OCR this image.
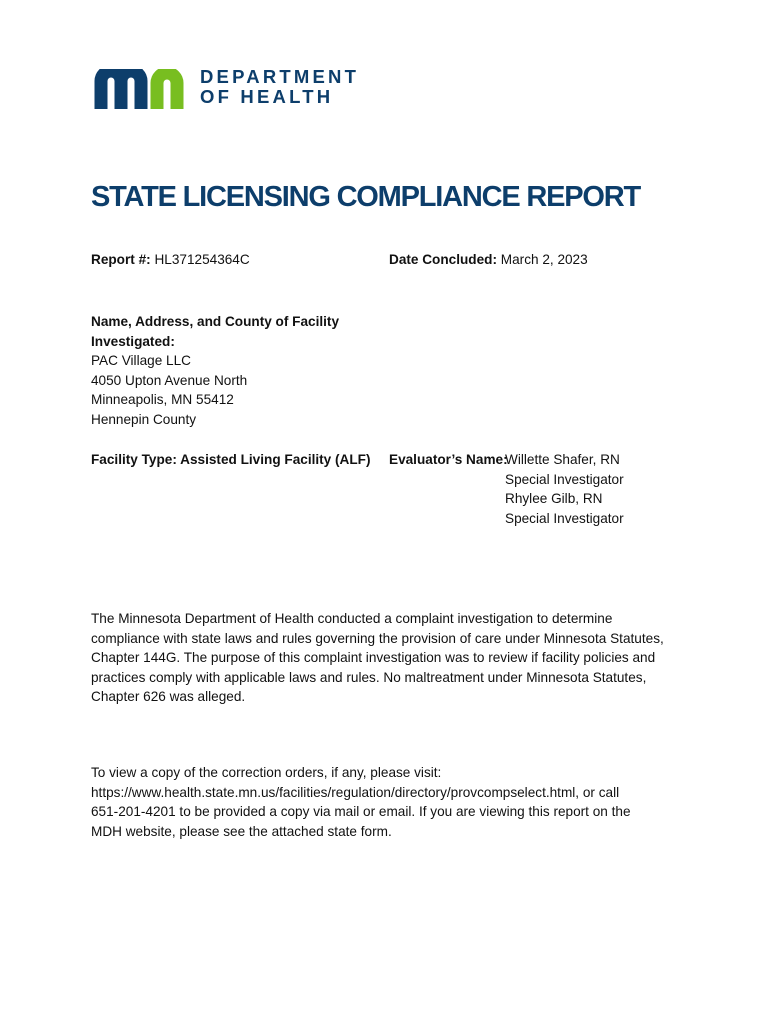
DEPARTMENT
OF HEALTH
STATE LICENSING COMPLIANCE REPORT
Report #: HL371254364C	Date Concluded: March 2, 2023
Name, Address, and County of Facility
Investigated:
PAC Village LLC
4050 Upton Avenue North
Minneapolis, MN 55412
Hennepin County
Facility Type: Assisted Living Facility (ALF) Evaluator’s Name:
Willette Shafer, RN
Special Investigator
Rhylee Gilb, RN
Special Investigator
The Minnesota Department of Health conducted a complaint investigation to determine
compliance with state laws and rules governing the provision of care under Minnesota Statutes,
Chapter 144G. The purpose of this complaint investigation was to review if facility policies and
practices comply with applicable laws and rules. No maltreatment under Minnesota Statutes,
Chapter 626 was alleged.
To view a copy of the correction orders, if any, please visit:
https://www.health.state.mn.us/facilities/regulation/directory/provcompselect.html, or call
651-201-4201 to be provided a copy via mail or email. If you are viewing this report on the
MDH website, please see the attached state form.
